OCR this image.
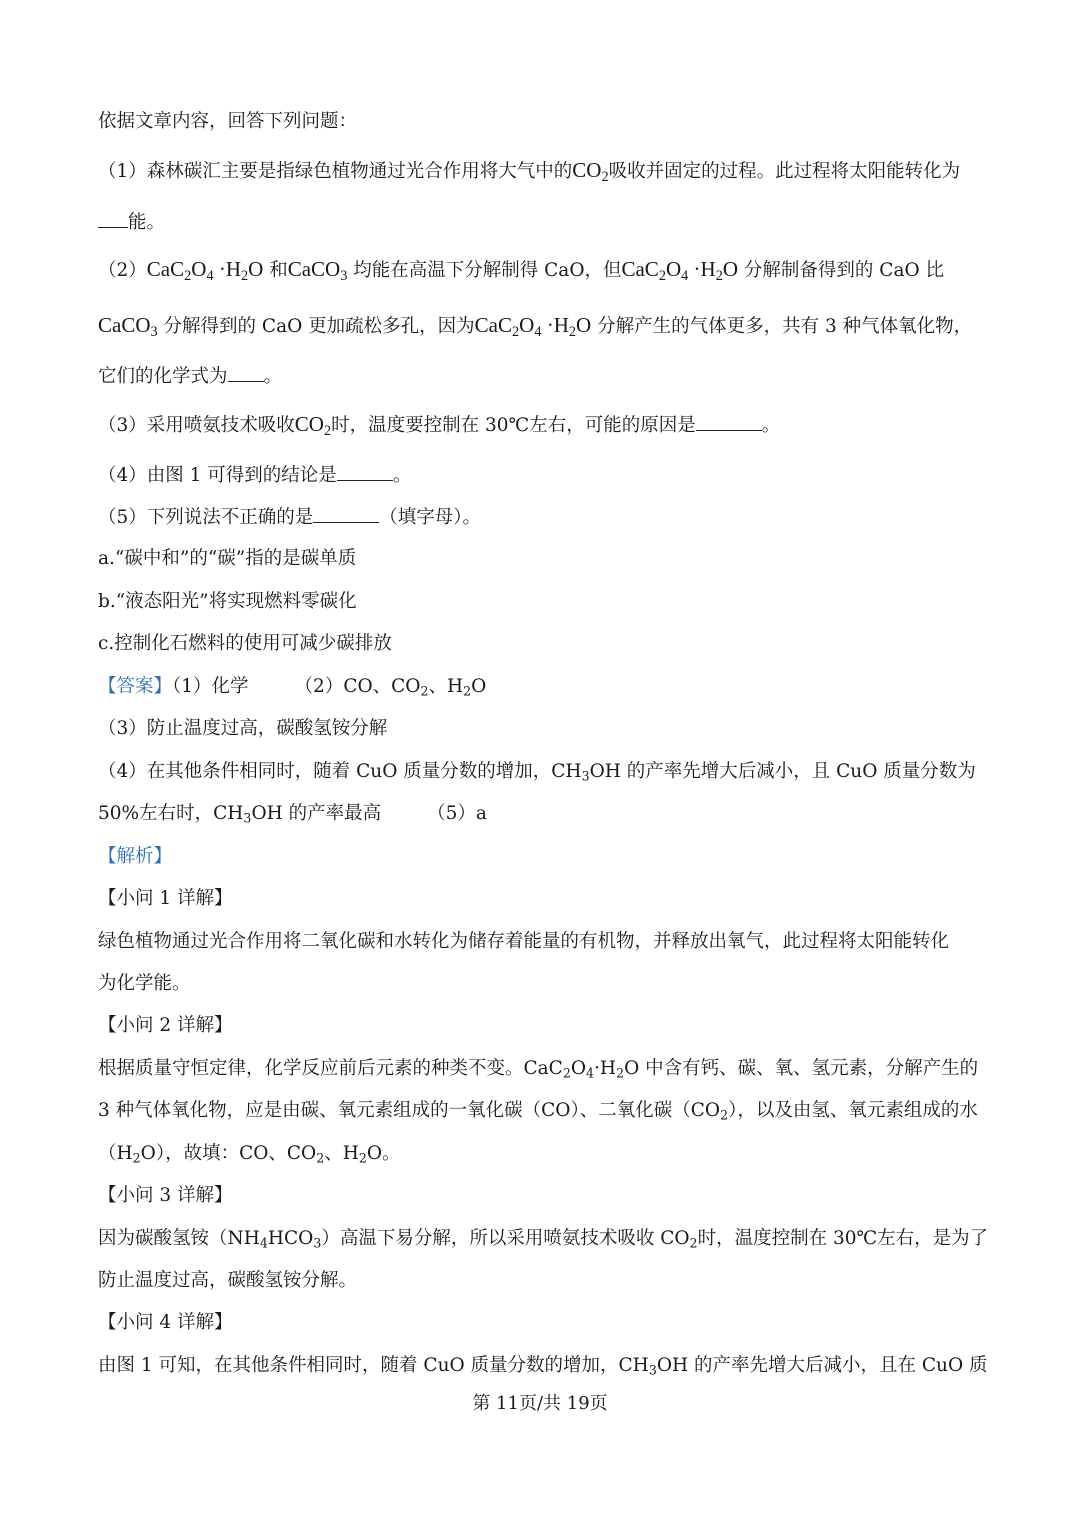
依据文章内容，回答下列问题：
（1）森林碳汇主要是指绿色植物通过光合作用将大气中的$CO_2$吸收并固定的过程。此过程将太阳能转化为
能。
$(2)CaC_2O_4 \cdot H_2O$ 和CaCO$_3$ 均能在高温下分解制得 CaO，但$CaC_2O_4 \cdot H_2O$ 分解制备得到的 CaO 比
CaCO$_3$ 分解得到的 CaO 更加疏松多孔，因为$CaC_2O_4 \cdot H_2O$ 分解产生的气体更多，共有 3 种气体氧化物，
它们的化学式为 。
（3）采用喷氨技术吸收$CO_2$时，温度要控制在 30℃左右，可能的原因是	。
（4）由图 1 可得到的结论是	。
（5）下列说法不正确的是	（填字母）。
a.“碳中和”的“碳”指的是碳单质
b.“液态阳光”将实现燃料零碳化
c.控制化石燃料的使用可减少碳排放
【答案】（1）化学 （2）CO、$CO_2$、$H_2O$
（3）防止温度过高，碳酸氢铵分解
（4）在其他条件相同时，随着 CuO 质量分数的增加，$CH_3OH$ 的产率先增大后减小，且 CuO 质量分数为
50%左右时，$CH_3OH$ 的产率最高 （5）a
【解析】
【小问 1 详解】
绿色植物通过光合作用将二氧化碳和水转化为储存着能量的有机物，并释放出氧气，此过程将太阳能转化
为化学能。
【小问 2 详解】
根据质量守恒定律，化学反应前后元素的种类不变。$CaC_2O_4\cdot H_2O$ 中含有钙、碳、氧、氢元素，分解产生的
3 种气体氧化物，应是由碳、氧元素组成的一氧化碳（CO）、二氧化碳$(CO_2)$，以及由氢、氧元素组成的水
$(H_2O)$，故填：CO、$CO_2$、$H_2O$。
【小问 3 详解】
因为碳酸氢铵$(NH_4HCO_3)$高温下易分解，所以采用喷氨技术吸收 $CO_2$时，温度控制在 30℃左右，是为了
防止温度过高，碳酸氢铵分解。
【小问 4 详解】
由图 1 可知，在其他条件相同时，随着 CuO 质量分数的增加，$CH_3OH$ 的产率先增大后减小，且在 CuO 质
第 11页/共 19页
